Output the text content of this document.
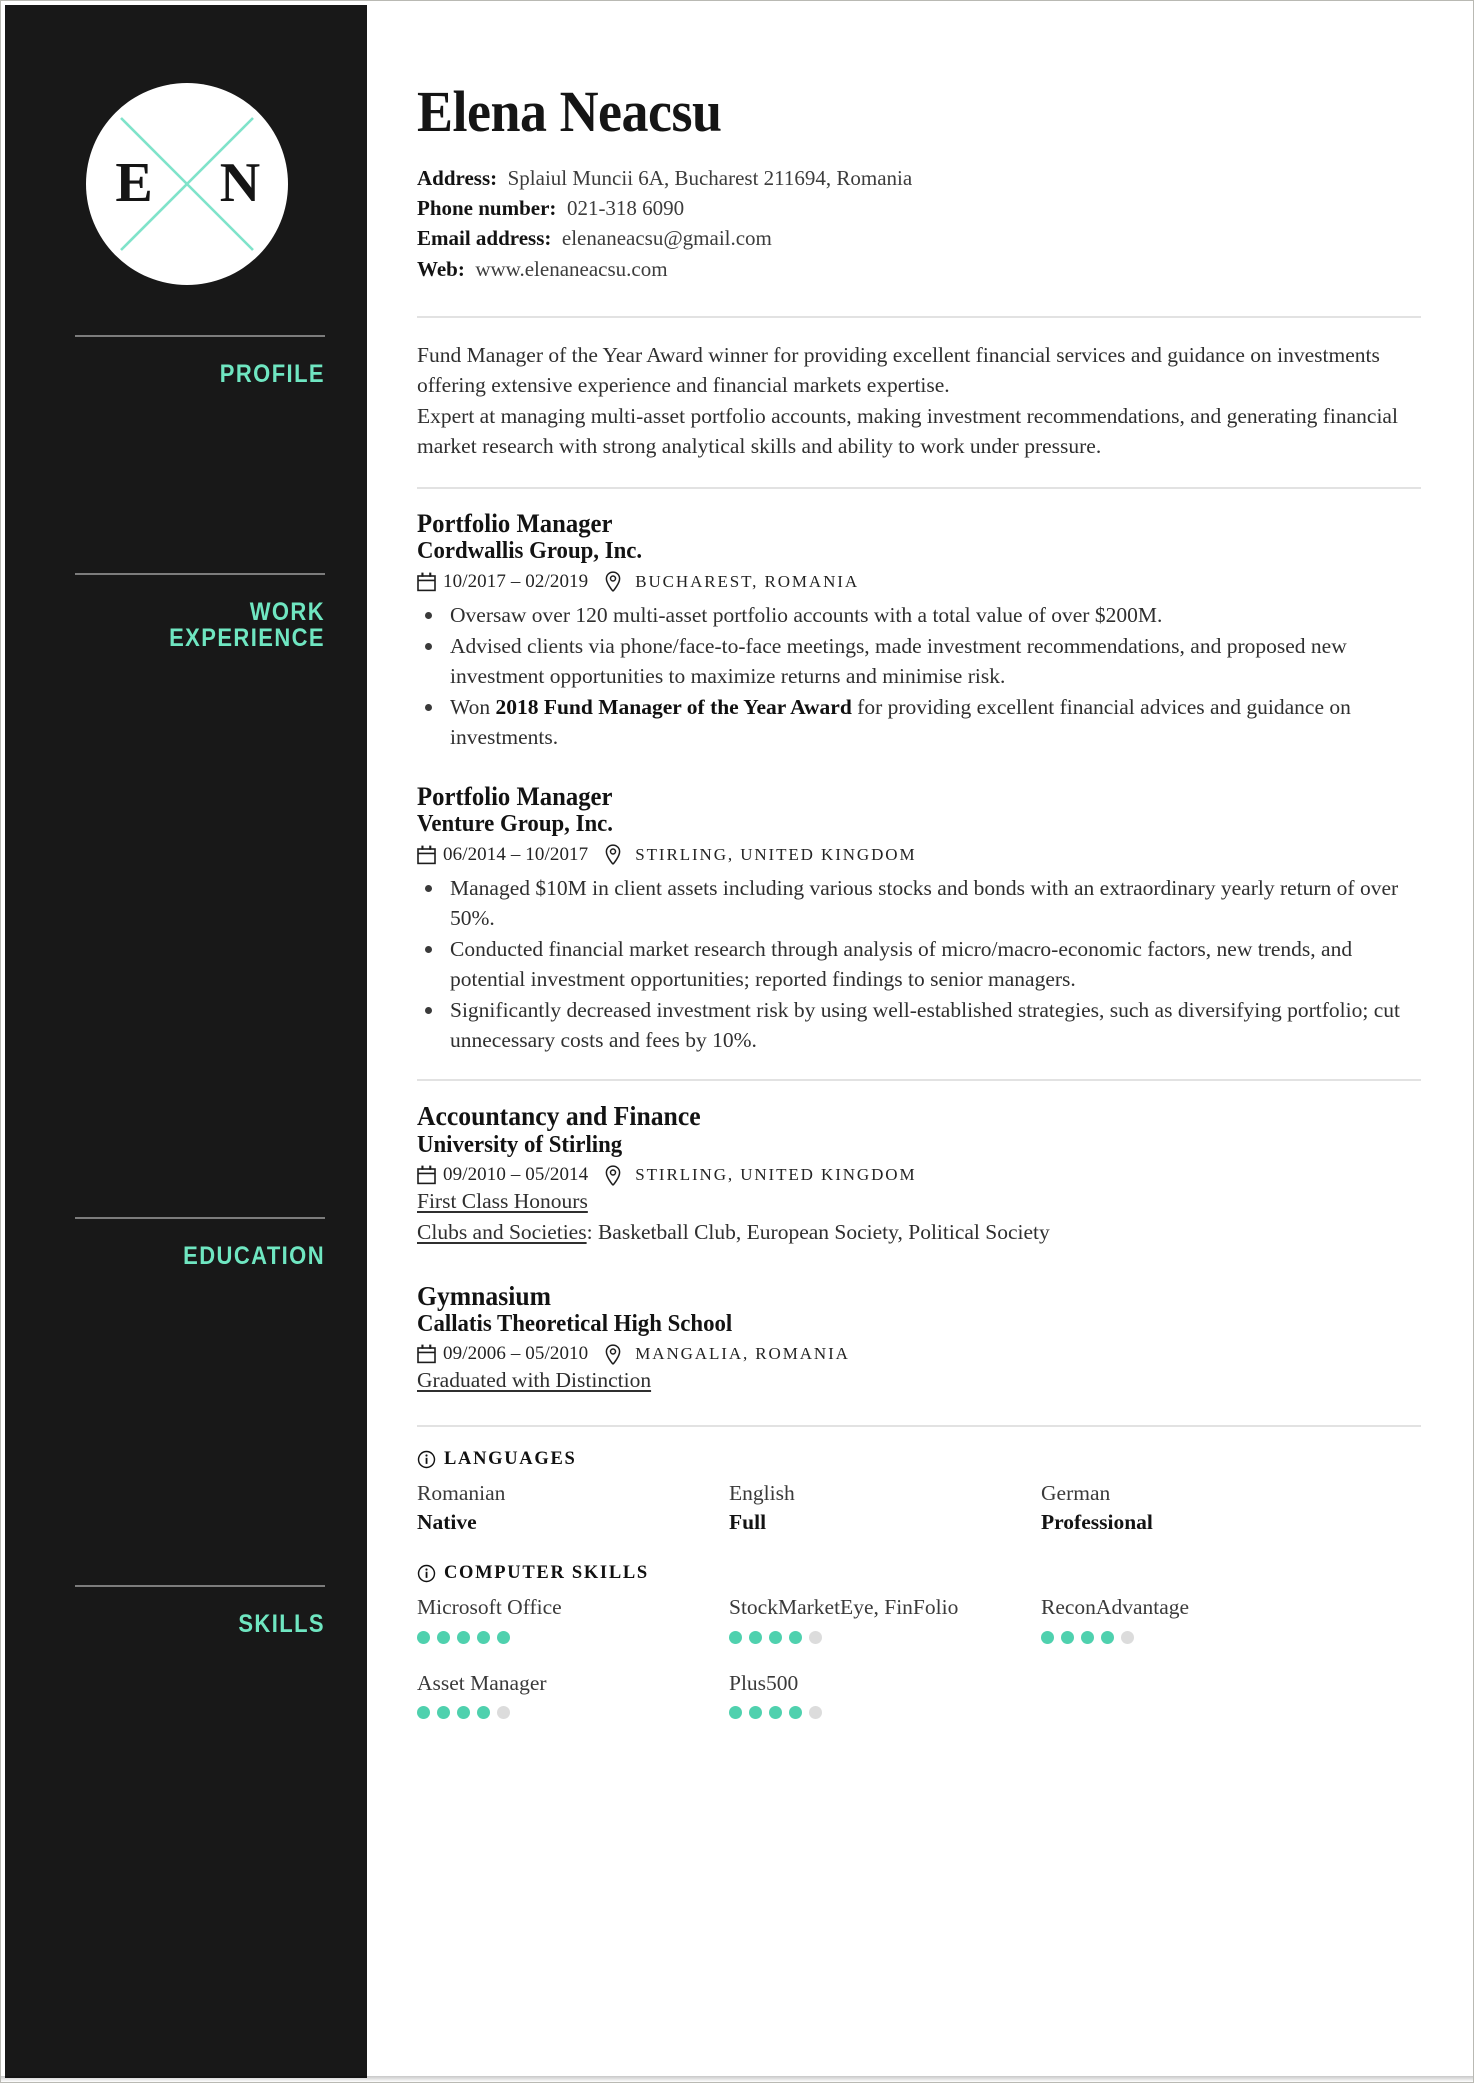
E N
PROFILE
WORK
EXPERIENCE
EDUCATION
SKILLS
Elena Neacsu
Address: Splaiul Muncii 6A, Bucharest 211694, Romania
Phone number: 021-318 6090
Email address: elenaneacsu@gmail.com
Web: www.elenaneacsu.com

Fund Manager of the Year Award winner for providing excellent financial services and guidance on investments offering extensive experience and financial markets expertise.

Expert at managing multi-asset portfolio accounts, making investment recommendations, and generating financial market research with strong analytical skills and ability to work under pressure.

Portfolio Manager
Cordwallis Group, Inc.
10/2017 – 02/2019	BUCHAREST, ROMANIA
Oversaw over 120 multi-asset portfolio accounts with a total value of over $200M.
Advised clients via phone/face-to-face meetings, made investment recommendations, and proposed new investment opportunities to maximize returns and minimise risk.
Won 2018 Fund Manager of the Year Award for providing excellent financial advices and guidance on investments.
Portfolio Manager
Venture Group, Inc.
06/2014 – 10/2017	STIRLING, UNITED KINGDOM
Managed $10M in client assets including various stocks and bonds with an extraordinary yearly return of over 50%.
Conducted financial market research through analysis of micro/macro-economic factors, new trends, and potential investment opportunities; reported findings to senior managers.
Significantly decreased investment risk by using well-established strategies, such as diversifying portfolio; cut unnecessary costs and fees by 10%.
Accountancy and Finance
University of Stirling
09/2010 – 05/2014	STIRLING, UNITED KINGDOM
First Class Honours
Clubs and Societies: Basketball Club, European Society, Political Society
Gymnasium
Callatis Theoretical High School
09/2006 – 05/2010	MANGALIA, ROMANIA
Graduated with Distinction
LANGUAGES
Romanian
Native
English
Full
German
Professional
COMPUTER SKILLS
Microsoft Office	StockMarketEye, FinFolio	ReconAdvantage
Asset Manager	Plus500
